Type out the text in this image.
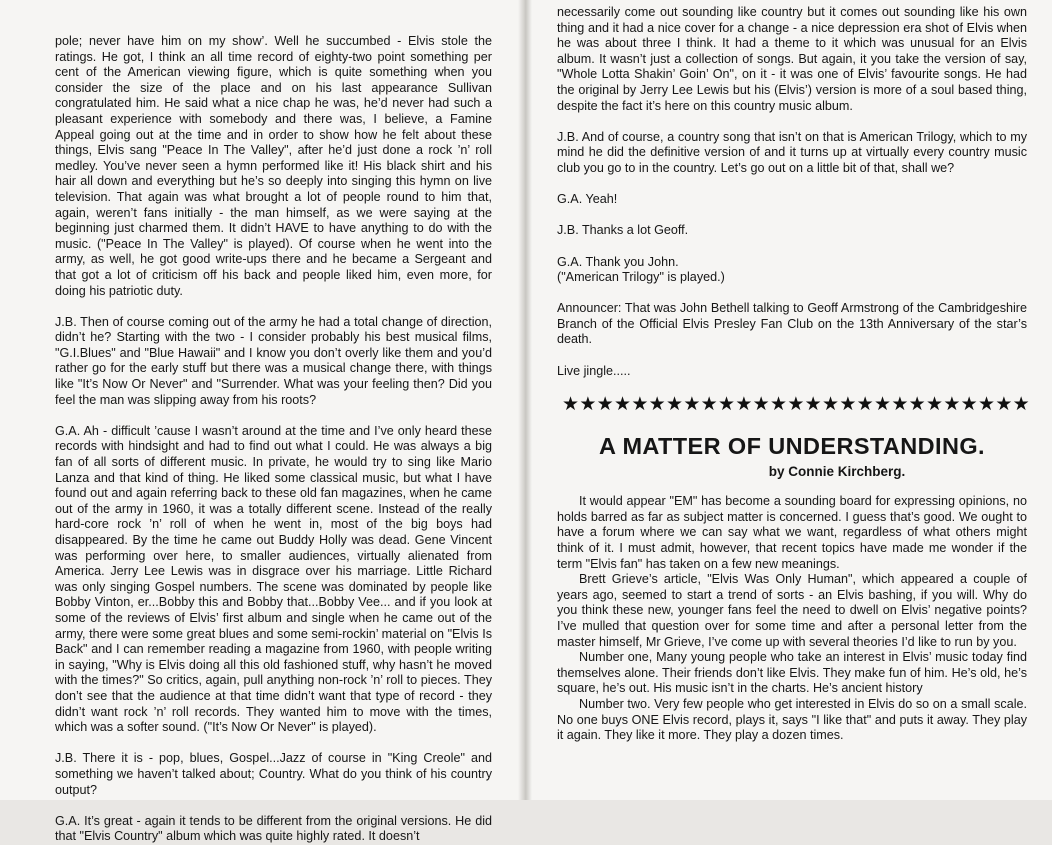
pole; never have him on my show’. Well he succumbed - Elvis stole the ratings. He got, I think an all time record of eighty-two point something per cent of the American viewing figure, which is quite something when you consider the size of the place and on his last appearance Sullivan congratulated him. He said what a nice chap he was, he’d never had such a pleasant experience with somebody and there was, I believe, a Famine Appeal going out at the time and in order to show how he felt about these things, Elvis sang "Peace In The Valley", after he’d just done a rock ’n’ roll medley. You’ve never seen a hymn performed like it! His black shirt and his hair all down and everything but he’s so deeply into singing this hymn on live television. That again was what brought a lot of people round to him that, again, weren’t fans initially - the man himself, as we were saying at the beginning just charmed them. It didn’t HAVE to have anything to do with the music. ("Peace In The Valley" is played). Of course when he went into the army, as well, he got good write-ups there and he became a Sergeant and that got a lot of criticism off his back and people liked him, even more, for doing his patriotic duty.

J.B. Then of course coming out of the army he had a total change of direction, didn’t he? Starting with the two - I consider probably his best musical films, "G.I.Blues" and "Blue Hawaii" and I know you don’t overly like them and you’d rather go for the early stuff but there was a musical change there, with things like "It’s Now Or Never" and "Surrender. What was your feeling then? Did you feel the man was slipping away from his roots?

G.A. Ah - difficult ’cause I wasn’t around at the time and I’ve only heard these records with hindsight and had to find out what I could. He was always a big fan of all sorts of different music. In private, he would try to sing like Mario Lanza and that kind of thing. He liked some classical music, but what I have found out and again referring back to these old fan magazines, when he came out of the army in 1960, it was a totally different scene. Instead of the really hard-core rock ’n’ roll of when he went in, most of the big boys had disappeared. By the time he came out Buddy Holly was dead. Gene Vincent was performing over here, to smaller audiences, virtually alienated from America. Jerry Lee Lewis was in disgrace over his marriage. Little Richard was only singing Gospel numbers. The scene was dominated by people like Bobby Vinton, er...Bobby this and Bobby that...Bobby Vee... and if you look at some of the reviews of Elvis’ first album and single when he came out of the army, there were some great blues and some semi-rockin’ material on "Elvis Is Back" and I can remember reading a magazine from 1960, with people writing in saying, "Why is Elvis doing all this old fashioned stuff, why hasn’t he moved with the times?" So critics, again, pull anything non-rock ’n’ roll to pieces. They don’t see that the audience at that time didn’t want that type of record - they didn’t want rock ’n’ roll records. They wanted him to move with the times, which was a softer sound. ("It’s Now Or Never" is played).

J.B. There it is - pop, blues, Gospel...Jazz of course in "King Creole" and something we haven’t talked about; Country. What do you think of his country output?

G.A. It’s great - again it tends to be different from the original versions. He did that "Elvis Country" album which was quite highly rated. It doesn’t

necessarily come out sounding like country but it comes out sounding like his own thing and it had a nice cover for a change - a nice depression era shot of Elvis when he was about three I think. It had a theme to it which was unusual for an Elvis album. It wasn’t just a collection of songs. But again, it you take the version of say, "Whole Lotta Shakin’ Goin’ On", on it - it was one of Elvis’ favourite songs. He had the original by Jerry Lee Lewis but his (Elvis’) version is more of a soul based thing, despite the fact it’s here on this country music album.

J.B. And of course, a country song that isn’t on that is American Trilogy, which to my mind he did the definitive version of and it turns up at virtually every country music club you go to in the country. Let’s go out on a little bit of that, shall we?

G.A. Yeah!

J.B. Thanks a lot Geoff.

G.A. Thank you John.

("American Trilogy" is played.)

Announcer: That was John Bethell talking to Geoff Armstrong of the Cambridgeshire Branch of the Official Elvis Presley Fan Club on the 13th Anniversary of the star’s death.

Live jingle.....

★★★★★★★★★★★★★★★★★★★★★★★★★★★
A MATTER OF UNDERSTANDING.
by Connie Kirchberg.

It would appear "EM" has become a sounding board for expressing opinions, no holds barred as far as subject matter is concerned. I guess that’s good. We ought to have a forum where we can say what we want, regardless of what others might think of it. I must admit, however, that recent topics have made me wonder if the term "Elvis fan" has taken on a few new meanings.

Brett Grieve’s article, "Elvis Was Only Human", which appeared a couple of years ago, seemed to start a trend of sorts - an Elvis bashing, if you will. Why do you think these new, younger fans feel the need to dwell on Elvis’ negative points? I’ve mulled that question over for some time and after a personal letter from the master himself, Mr Grieve, I’ve come up with several theories I’d like to run by you.

Number one, Many young people who take an interest in Elvis’ music today find themselves alone. Their friends don’t like Elvis. They make fun of him. He’s old, he’s square, he’s out. His music isn’t in the charts. He’s ancient history

Number two. Very few people who get interested in Elvis do so on a small scale. No one buys ONE Elvis record, plays it, says "I like that" and puts it away. They play it again. They like it more. They play a dozen times.
